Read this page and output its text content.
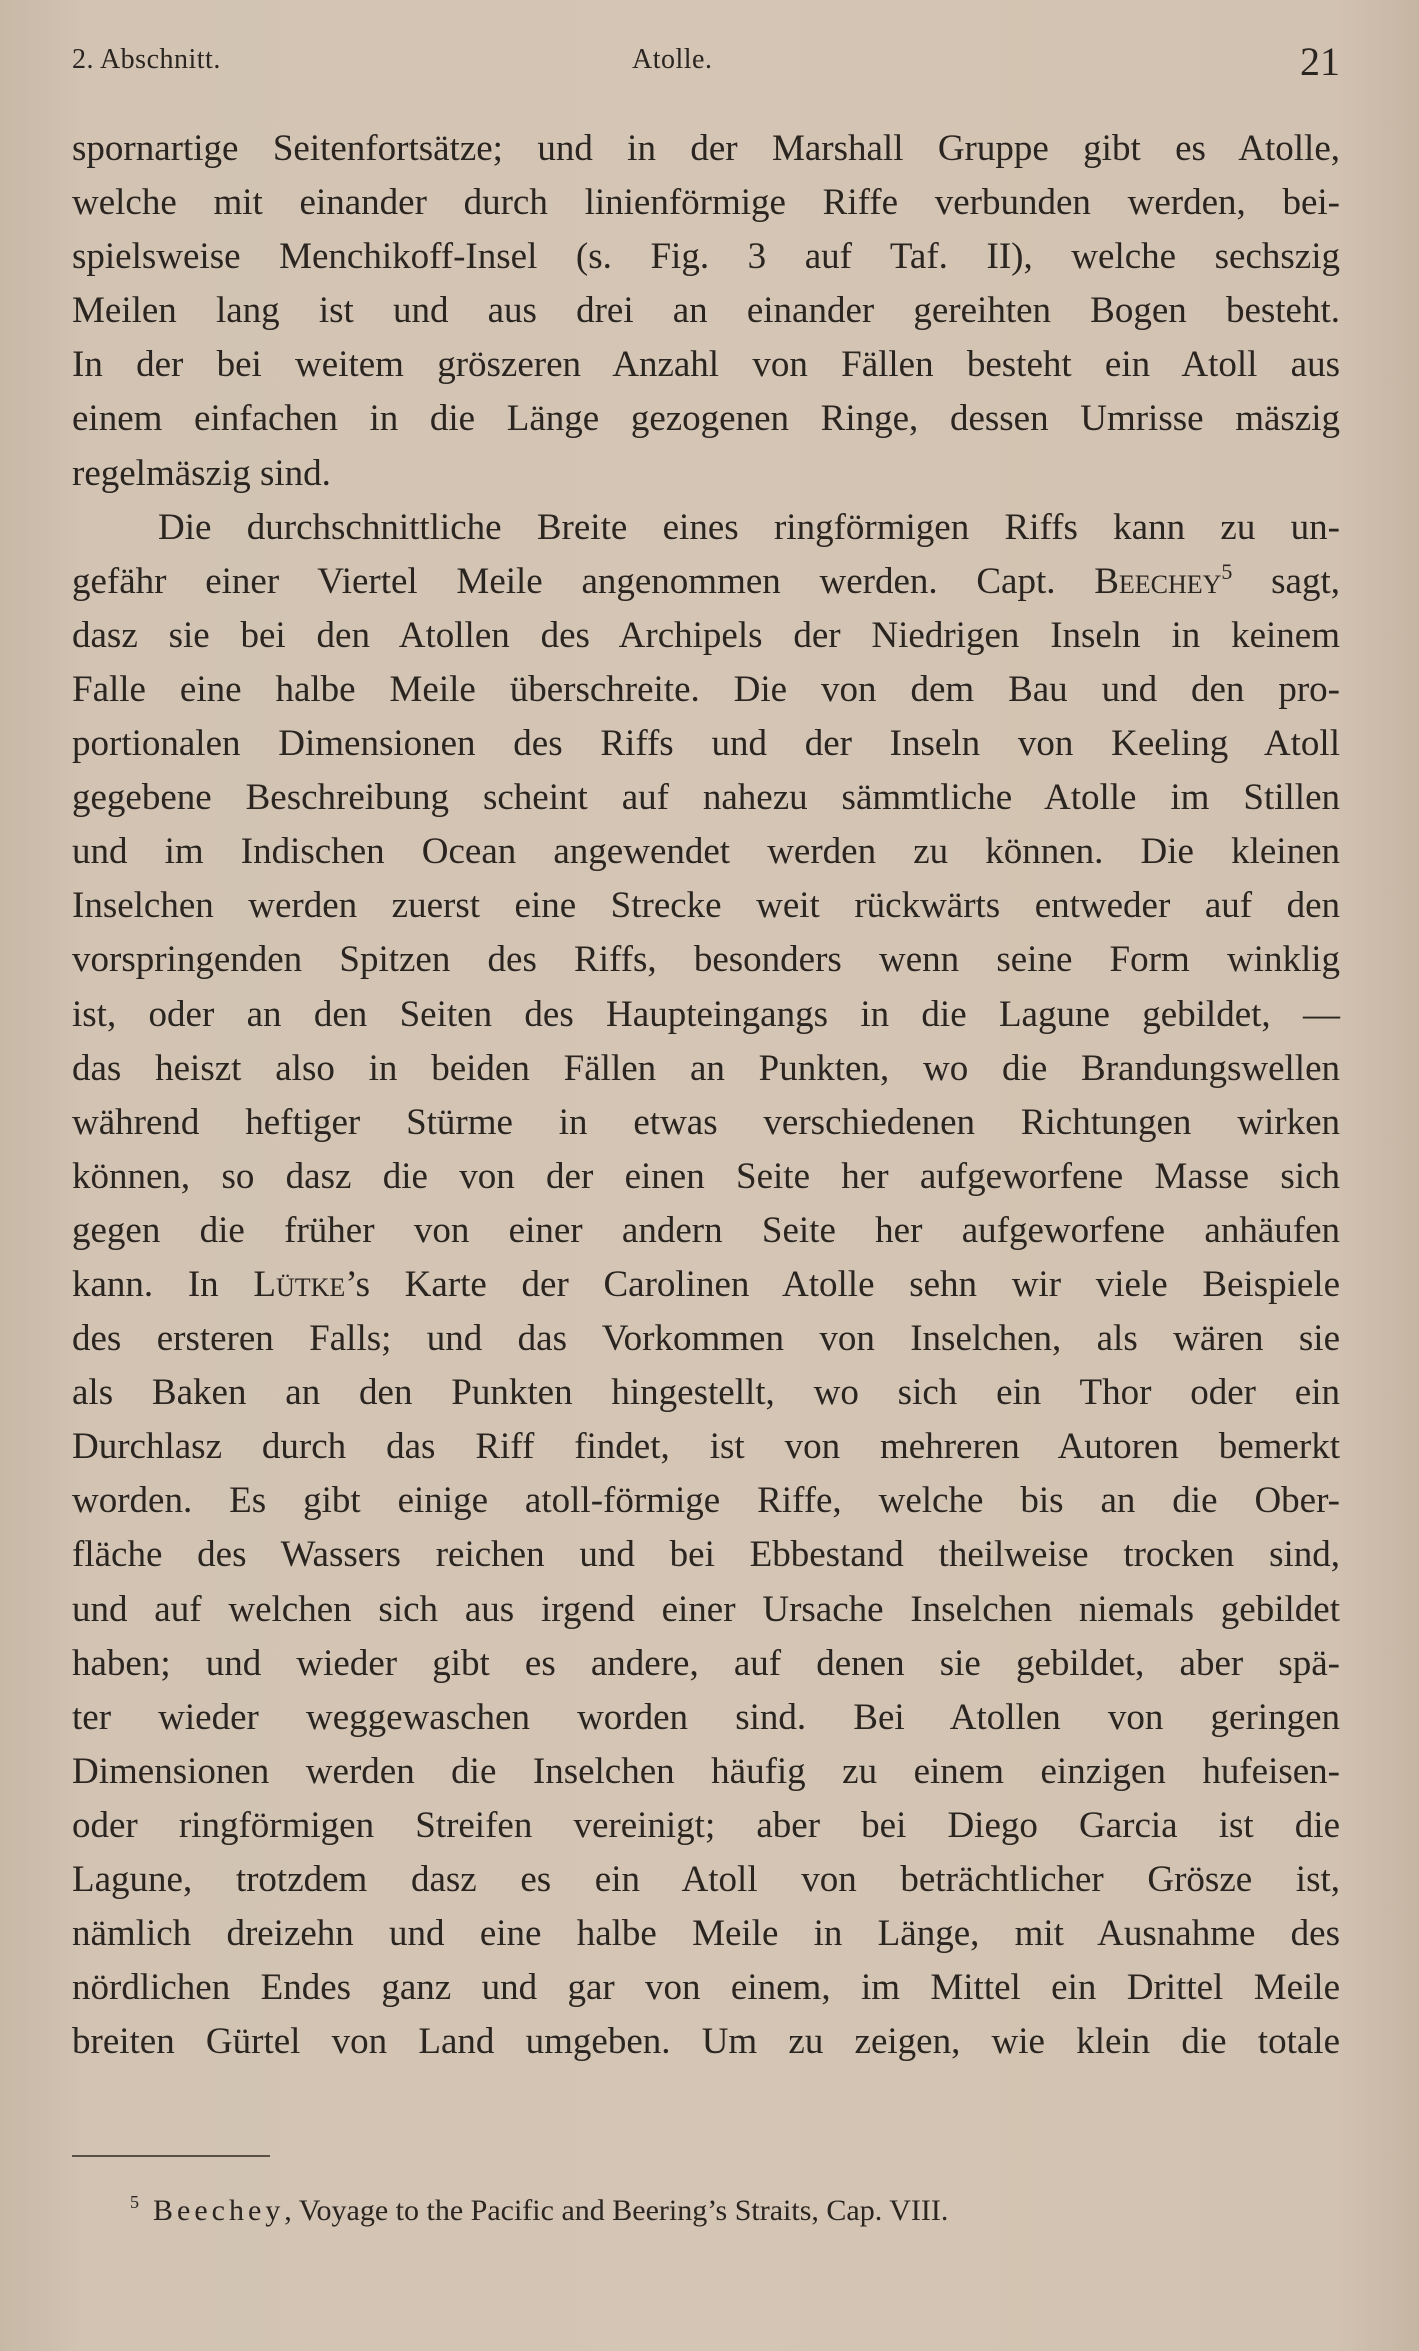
2. Abschnitt.	Atolle.	21
spornartige Seitenfortsätze; und in der Marshall Gruppe gibt es Atolle,
welche mit einander durch linienförmige Riffe verbunden werden, bei-
spielsweise Menchikoff-Insel (s. Fig. 3 auf Taf. II), welche sechszig
Meilen lang ist und aus drei an einander gereihten Bogen besteht.
In der bei weitem gröszeren Anzahl von Fällen besteht ein Atoll aus
einem einfachen in die Länge gezogenen Ringe, dessen Umrisse mäszig
regelmäszig sind.
Die durchschnittliche Breite eines ringförmigen Riffs kann zu un-
gefähr einer Viertel Meile angenommen werden. Capt. Beechey$^5$ sagt,
dasz sie bei den Atollen des Archipels der Niedrigen Inseln in keinem
Falle eine halbe Meile überschreite. Die von dem Bau und den pro-
portionalen Dimensionen des Riffs und der Inseln von Keeling Atoll
gegebene Beschreibung scheint auf nahezu sämmtliche Atolle im Stillen
und im Indischen Ocean angewendet werden zu können. Die kleinen
Inselchen werden zuerst eine Strecke weit rückwärts entweder auf den
vorspringenden Spitzen des Riffs, besonders wenn seine Form winklig
ist, oder an den Seiten des Haupteingangs in die Lagune gebildet, —
das heiszt also in beiden Fällen an Punkten, wo die Brandungswellen
während heftiger Stürme in etwas verschiedenen Richtungen wirken
können, so dasz die von der einen Seite her aufgeworfene Masse sich
gegen die früher von einer andern Seite her aufgeworfene anhäufen
kann. In Lütke’s Karte der Carolinen Atolle sehn wir viele Beispiele
des ersteren Falls; und das Vorkommen von Inselchen, als wären sie
als Baken an den Punkten hingestellt, wo sich ein Thor oder ein
Durchlasz durch das Riff findet, ist von mehreren Autoren bemerkt
worden. Es gibt einige atoll-förmige Riffe, welche bis an die Ober-
fläche des Wassers reichen und bei Ebbestand theilweise trocken sind,
und auf welchen sich aus irgend einer Ursache Inselchen niemals gebildet
haben; und wieder gibt es andere, auf denen sie gebildet, aber spä-
ter wieder weggewaschen worden sind. Bei Atollen von geringen
Dimensionen werden die Inselchen häufig zu einem einzigen hufeisen-
oder ringförmigen Streifen vereinigt; aber bei Diego Garcia ist die
Lagune, trotzdem dasz es ein Atoll von beträchtlicher Grösze ist,
nämlich dreizehn und eine halbe Meile in Länge, mit Ausnahme des
nördlichen Endes ganz und gar von einem, im Mittel ein Drittel Meile
breiten Gürtel von Land umgeben. Um zu zeigen, wie klein die totale
$^5$ Beechey, Voyage to the Pacific and Beering’s Straits, Cap. VIII.
